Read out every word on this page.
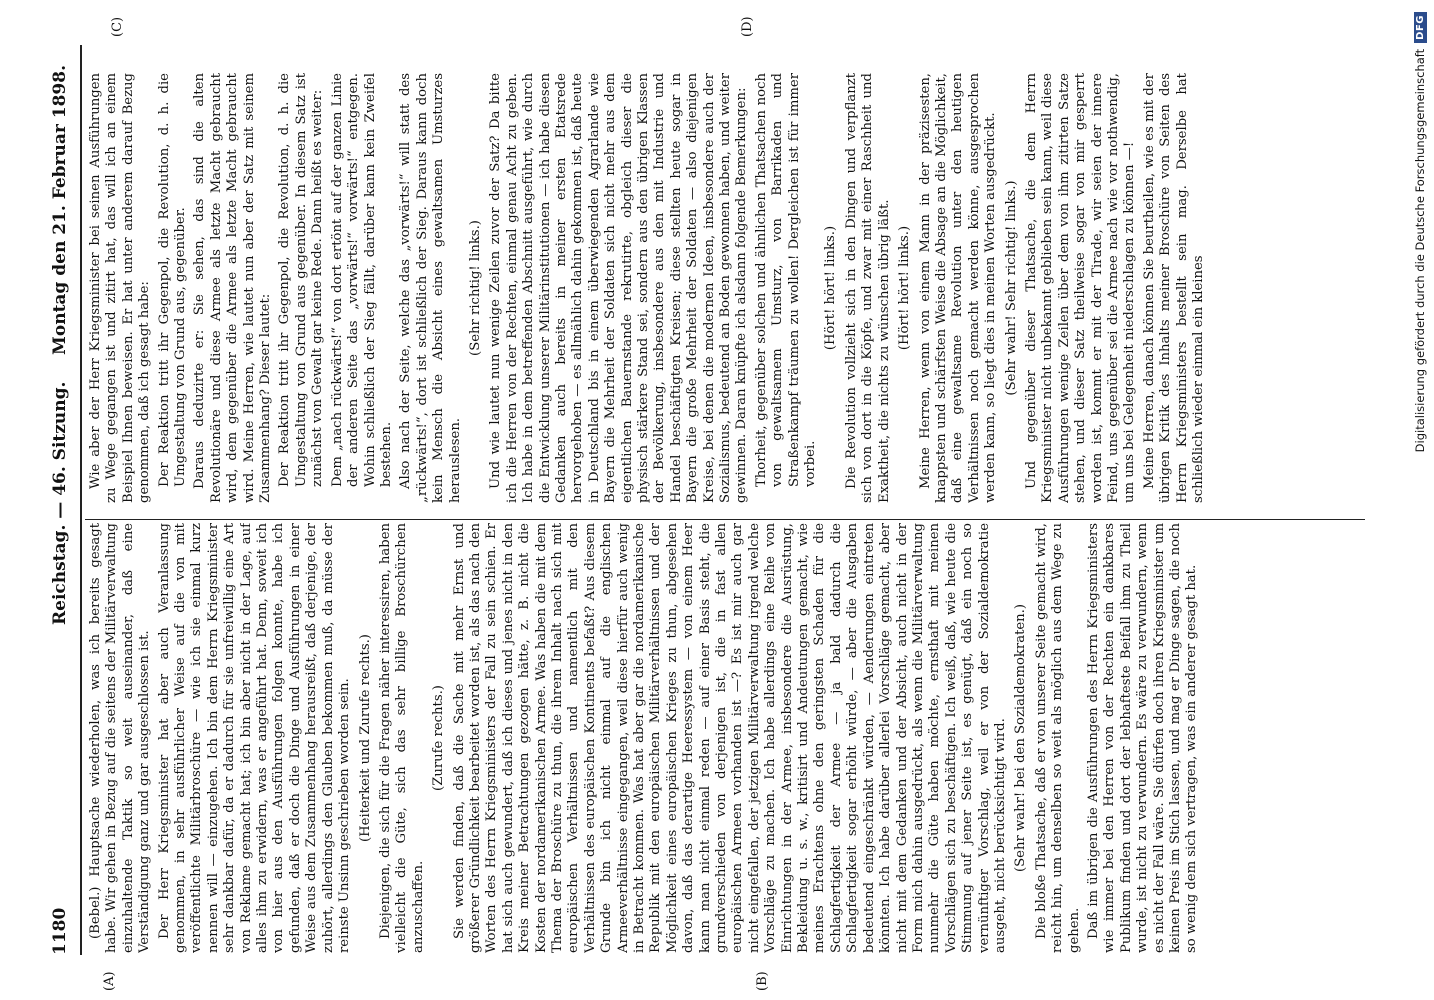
1180
Reichstag. — 46. Sitzung.
Montag den 21. Februar 1898.
(A)	(B)
(C)	(D)

(Bebel.) Hauptsache wiederholen, was ich bereits gesagt habe. Wir gehen in Bezug auf die seitens der Militärverwaltung einzuhaltende Taktik so weit auseinander, daß eine Verständigung ganz und gar ausgeschlossen ist. Der Herr Kriegsminister hat aber auch Veranlassung genommen, in sehr ausführlicher Weise auf die von mit veröffentlichte Militärbroschüre — wie ich sie einmal kurz nennen will — einzugehen. Ich bin dem Herrn Kriegsminister sehr dankbar dafür, da er dadurch für sie unfreiwillig eine Art von Reklame gemacht hat; ich bin aber nicht in der Lage, auf alles ihm zu erwidern, was er angeführt hat. Denn, soweit ich von hier aus den Ausführungen folgen konnte, habe ich gefunden, daß er doch die Dinge und Ausführungen in einer Weise aus dem Zusammenhang herausreißt, daß derjenige, der zuhört, allerdings den Glauben bekommen muß, da müsse der reinste Unsinn geschrieben worden sein. (Heiterkeit und Zurufe rechts.) Diejenigen, die sich für die Fragen näher interessiren, haben vielleicht die Güte, sich das sehr billige Broschürchen anzuschaffen.

(Zurufe rechts.) Sie werden finden, daß die Sache mit mehr Ernst und größerer Gründlichkeit bearbeitet worden ist, als das nach den Worten des Herrn Kriegsministers der Fall zu sein schien. Er hat sich auch gewundert, daß ich dieses und jenes nicht in den Kreis meiner Betrachtungen gezogen hätte, z. B. nicht die Kosten der nordamerikanischen Armee. Was haben die mit dem Thema der Broschüre zu thun, die ihrem Inhalt nach sich mit europäischen Verhältnissen und namentlich mit den Verhältnissen des europäischen Kontinents befaßt? Aus diesem Grunde bin ich nicht einmal auf die englischen Armeeverhältnisse eingegangen, weil diese hierfür auch wenig in Betracht kommen. Was hat aber gar die nordamerikanische Republik mit den europäischen Militärverhältnissen und der Möglichkeit eines europäischen Krieges zu thun, abgesehen davon, daß das derartige Heeressystem — von einem Heer kann man nicht einmal reden — auf einer Basis steht, die grundverschieden von derjenigen ist, die in fast allen europäischen Armeen vorhanden ist —? Es ist mir auch gar nicht eingefallen, der jetzigen Militärverwaltung irgend welche Vorschläge zu machen. Ich habe allerdings eine Reihe von Einrichtungen in der Armee, insbesondere die Ausrüstung, Bekleidung u. s. w., kritisirt und Andeutungen gemacht, wie meines Erachtens ohne den geringsten Schaden für die Schlagfertigkeit der Armee — ja bald dadurch die Schlagfertigkeit sogar erhöht würde, — aber die Ausgaben bedeutend eingeschränkt würden, — Aenderungen eintreten könnten. Ich habe darüber allerlei Vorschläge gemacht, aber nicht mit dem Gedanken und der Absicht, auch nicht in der Form mich dahin ausgedrückt, als wenn die Militärverwaltung nunmehr die Güte haben möchte, ernsthaft mit meinen Vorschlägen sich zu beschäftigen. Ich weiß, daß, wie heute die Stimmung auf jener Seite ist, es genügt, daß ein noch so vernünftiger Vorschlag, weil er von der Sozialdemokratie ausgeht, nicht berücksichtigt wird. (Sehr wahr! bei den Sozialdemokraten.) Die bloße Thatsache, daß er von unserer Seite gemacht wird, reicht hin, um denselben so weit als möglich aus dem Wege zu gehen. Daß im übrigen die Ausführungen des Herrn Kriegsministers wie immer bei den Herren von der Rechten ein dankbares Publikum finden und dort der lebhafteste Beifall ihm zu Theil wurde, ist nicht zu verwundern. Es wäre zu verwundern, wenn es nicht der Fall wäre. Sie dürfen doch ihren Kriegsminister um keinen Preis im Stich lassen, und mag er Dinge sagen, die noch so wenig dem sich vertragen, was ein anderer gesagt hat.

Wie aber der Herr Kriegsminister bei seinen Ausführungen zu Wege gegangen ist und zitirt hat, das will ich an einem Beispiel Ihnen beweisen. Er hat unter anderem darauf Bezug genommen, daß ich gesagt habe: Der Reaktion tritt ihr Gegenpol, die Revolution, d. h. die Umgestaltung von Grund aus, gegenüber. Daraus deduzirte er: Sie sehen, das sind die alten Revolutionäre und diese Armee als letzte Macht gebraucht wird, dem gegenüber die Armee als letzte Macht gebraucht wird. Meine Herren, wie lautet nun aber der Satz mit seinem Zusammenhang? Dieser lautet: Der Reaktion tritt ihr Gegenpol, die Revolution, d. h. die Umgestaltung von Grund aus gegenüber. In diesem Satz ist zunächst von Gewalt gar keine Rede. Dann heißt es weiter: Dem „nach rückwärts!“ von dort ertönt auf der ganzen Linie der anderen Seite das „vorwärts!“ vorwärts!“ entgegen. Wohin schließlich der Sieg fällt, darüber kann kein Zweifel bestehen. Also nach der Seite, welche das „vorwärts!“ will statt des „rückwärts!“, dort ist schließlich der Sieg. Daraus kann doch kein Mensch die Absicht eines gewaltsamen Umsturzes herauslesen.

(Sehr richtig! links.) Und wie lautet nun wenige Zeilen zuvor der Satz? Da bitte ich die Herren von der Rechten, einmal genau Acht zu geben. Ich habe in dem betreffenden Abschnitt ausgeführt, wie durch die Entwicklung unserer Militärinstitutionen — ich habe diesen Gedanken auch bereits in meiner ersten Etatsrede hervorgehoben — es allmählich dahin gekommen ist, daß heute in Deutschland bis in einem überwiegenden Agrarlande wie Bayern die Mehrheit der Soldaten sich nicht mehr aus dem eigentlichen Bauernstande rekrutirte, obgleich dieser die physisch stärkere Stand sei, sondern aus den übrigen Klassen der Bevölkerung, insbesondere aus den mit Industrie und Handel beschäftigten Kreisen; diese stellten heute sogar in Bayern die große Mehrheit der Soldaten — also diejenigen Kreise, bei denen die modernen Ideen, insbesondere auch der Sozialismus, bedeutend an Boden gewonnen haben, und weiter gewinnen. Daran knüpfte ich alsdann folgende Bemerkungen: Thorheit, gegenüber solchen und ähnlichen Thatsachen noch von gewaltsamem Umsturz, von Barrikaden und Straßenkampf träumen zu wollen! Dergleichen ist für immer vorbei.

(Hört! hört! links.) Die Revolution vollzieht sich in den Dingen und verpflanzt sich von dort in die Köpfe, und zwar mit einer Raschheit und Exaktheit, die nichts zu wünschen übrig läßt. (Hört! hört! links.) Meine Herren, wenn von einem Mann in der präzisesten, knappsten und schärfsten Weise die Absage an die Möglichkeit, daß eine gewaltsame Revolution unter den heutigen Verhältnissen noch gemacht werden könne, ausgesprochen werden kann, so liegt dies in meinen Worten ausgedrückt. (Sehr wahr! Sehr richtig! links.) Und gegenüber dieser Thatsache, die dem Herrn Kriegsminister nicht unbekannt geblieben sein kann, weil diese Ausführungen wenige Zeilen über dem von ihm zitirten Satze stehen, und dieser Satz theilweise sogar von mir gesperrt worden ist, kommt er mit der Tirade, wir seien der innere Feind, uns gegenüber sei die Armee nach wie vor nothwendig, um uns bei Gelegenheit niederschlagen zu können —! Meine Herren, danach können Sie beurtheilen, wie es mit der übrigen Kritik des Inhalts meiner Broschüre von Seiten des Herrn Kriegsministers bestellt sein mag. Derselbe hat schließlich wieder einmal ein kleines	Digitalisierung gefördert durch die Deutsche Forschungsgemeinschaft
DFG
